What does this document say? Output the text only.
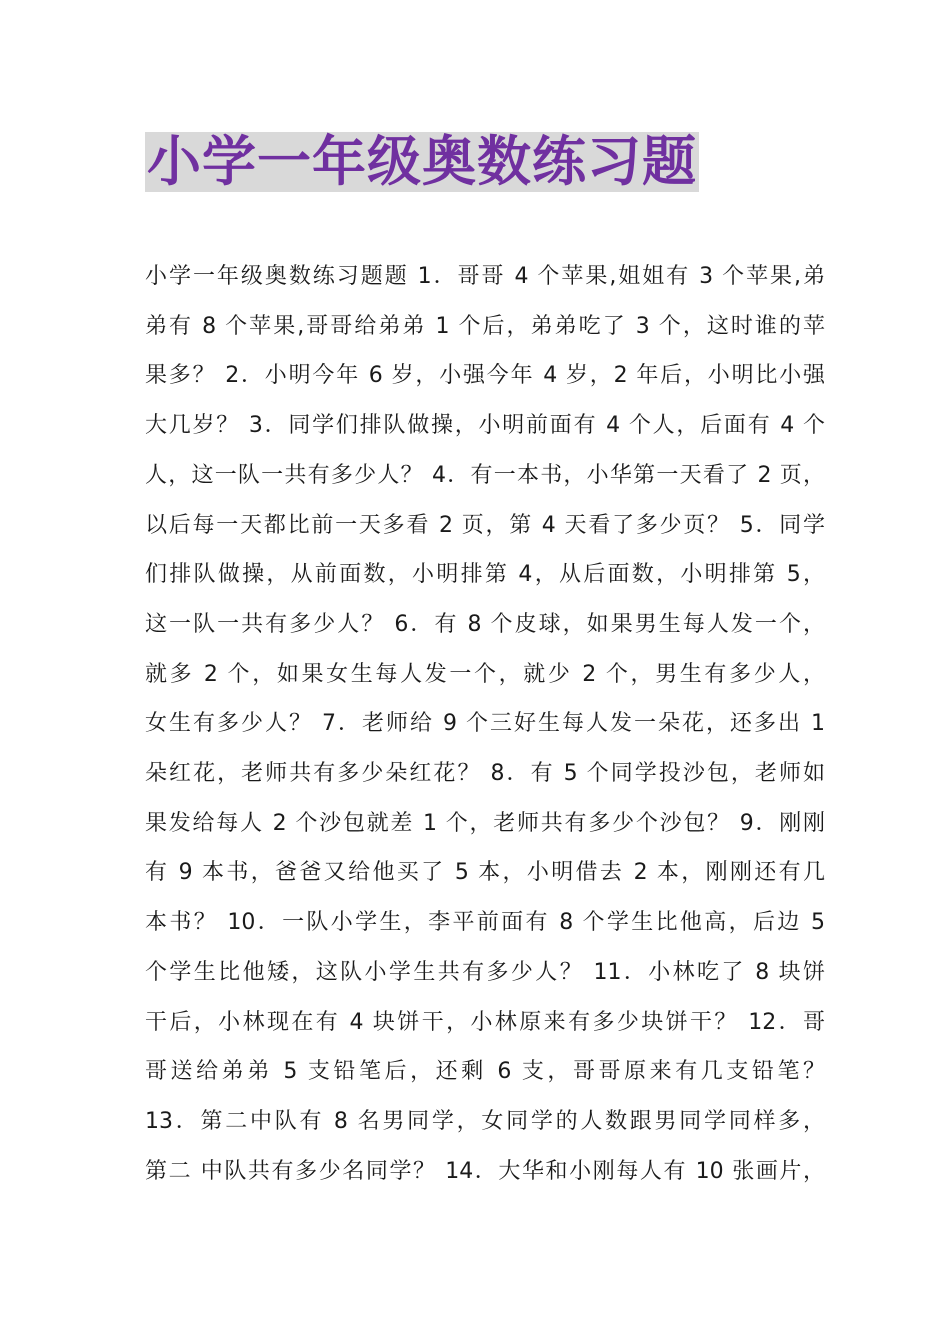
小学一年级奥数练习题
小学一年级奥数练习题题 1．哥哥 4 个苹果,姐姐有 3 个苹果,弟
弟有 8 个苹果,哥哥给弟弟 1 个后，弟弟吃了 3 个，这时谁的苹
果多？ 2．小明今年 6 岁，小强今年 4 岁，2 年后，小明比小强
大几岁？ 3．同学们排队做操，小明前面有 4 个人，后面有 4 个
人，这一队一共有多少人？ 4．有一本书，小华第一天看了 2 页，
以后每一天都比前一天多看 2 页，第 4 天看了多少页？ 5．同学
们排队做操，从前面数，小明排第 4，从后面数，小明排第 5，
这一队一共有多少人？ 6．有 8 个皮球，如果男生每人发一个，
就多 2 个，如果女生每人发一个，就少 2 个，男生有多少人，
女生有多少人？ 7．老师给 9 个三好生每人发一朵花，还多出 1
朵红花，老师共有多少朵红花？ 8．有 5 个同学投沙包，老师如
果发给每人 2 个沙包就差 1 个，老师共有多少个沙包？ 9．刚刚
有 9 本书，爸爸又给他买了 5 本，小明借去 2 本，刚刚还有几
本书？ 10．一队小学生，李平前面有 8 个学生比他高，后边 5
个学生比他矮，这队小学生共有多少人？ 11．小林吃了 8 块饼
干后，小林现在有 4 块饼干，小林原来有多少块饼干？ 12．哥
哥送给弟弟 5 支铅笔后，还剩 6 支，哥哥原来有几支铅笔？
13．第二中队有 8 名男同学，女同学的人数跟男同学同样多，
第二 中队共有多少名同学？ 14．大华和小刚每人有 10 张画片，
